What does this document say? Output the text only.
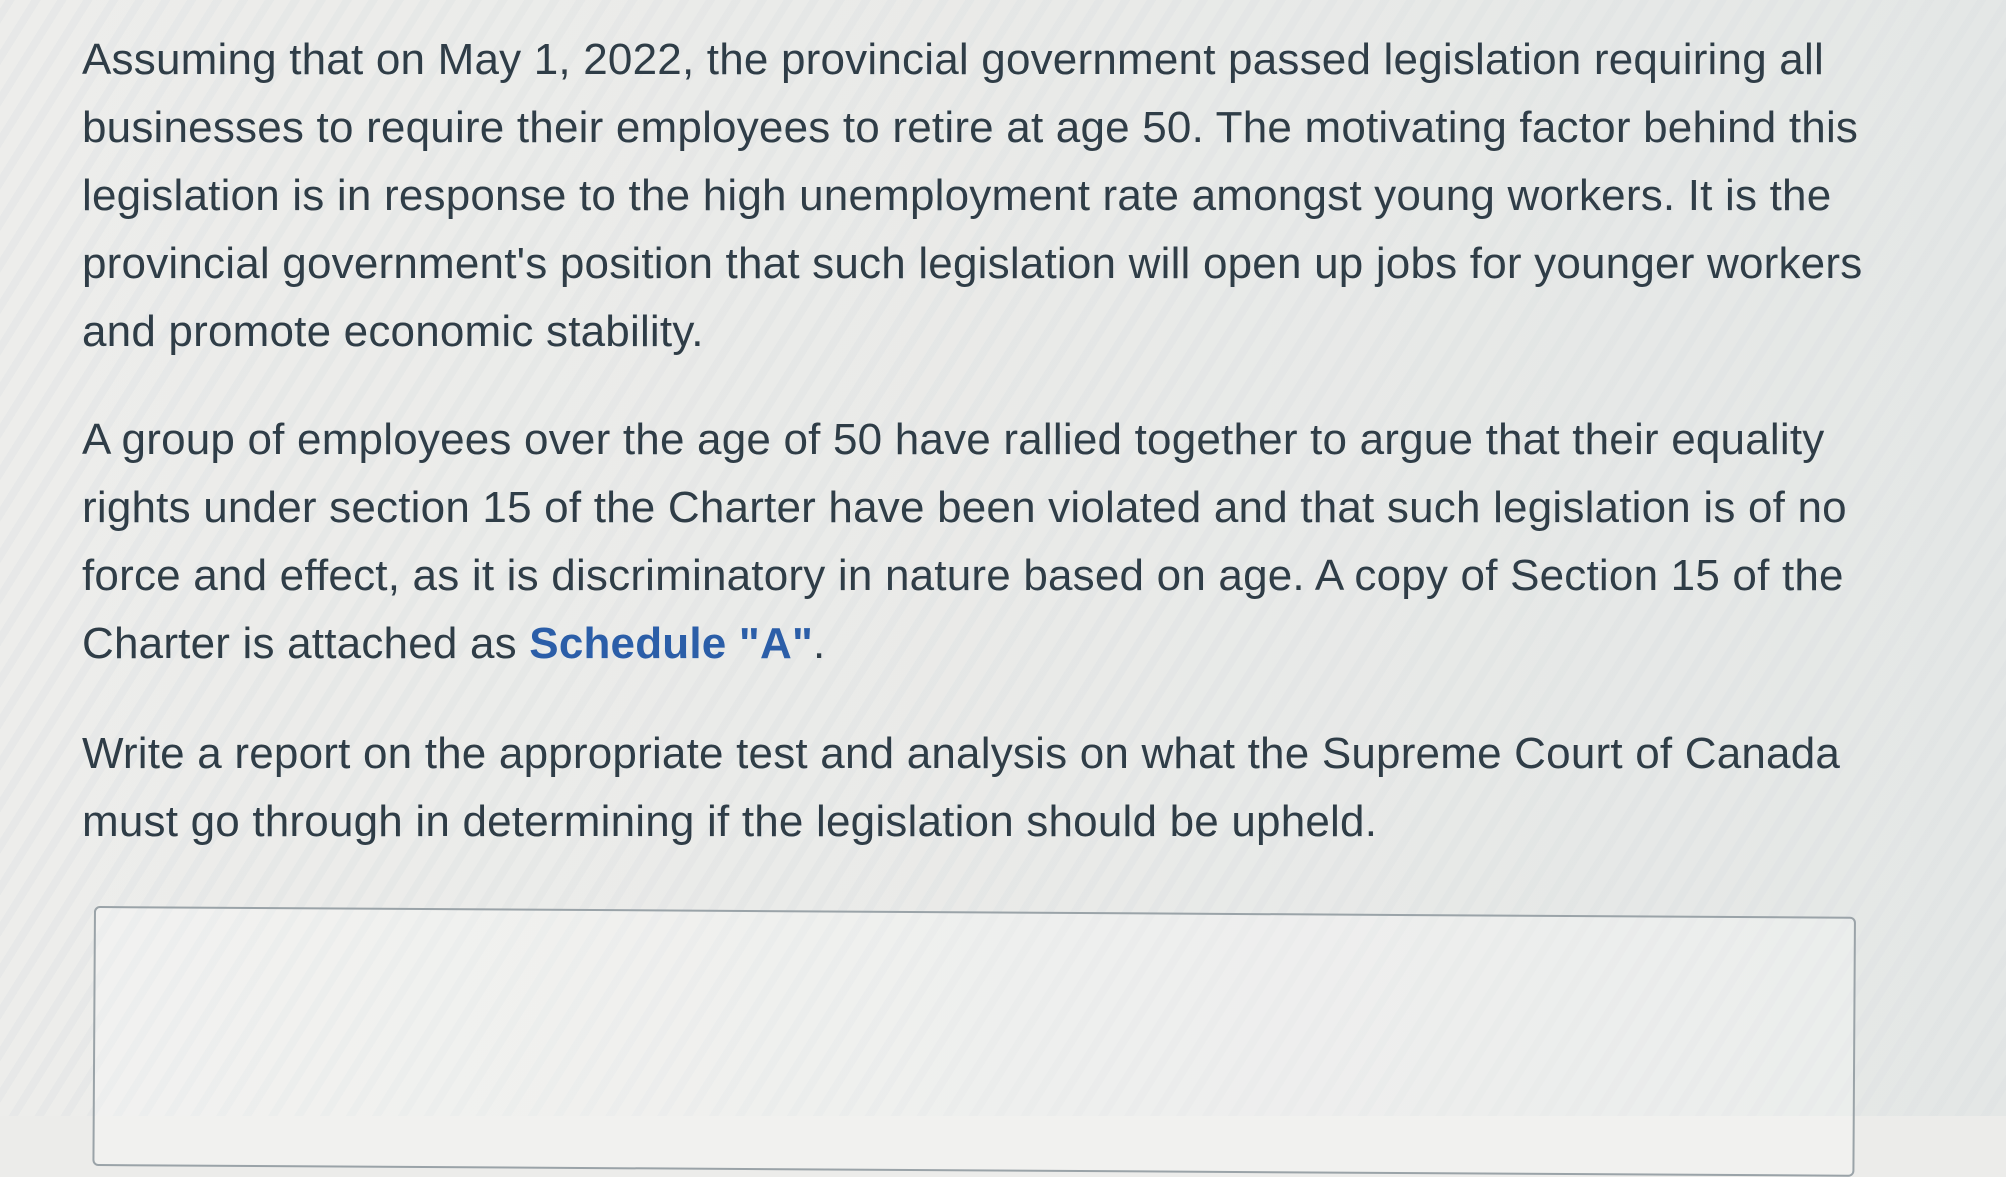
Assuming that on May 1, 2022, the provincial government passed legislation requiring all businesses to require their employees to retire at age 50. The motivating factor behind this legislation is in response to the high unemployment rate amongst young workers. It is the provincial government's position that such legislation will open up jobs for younger workers and promote economic stability.

A group of employees over the age of 50 have rallied together to argue that their equality rights under section 15 of the Charter have been violated and that such legislation is of no force and effect, as it is discriminatory in nature based on age. A copy of Section 15 of the Charter is attached as Schedule "A".

Write a report on the appropriate test and analysis on what the Supreme Court of Canada must go through in determining if the legislation should be upheld.
